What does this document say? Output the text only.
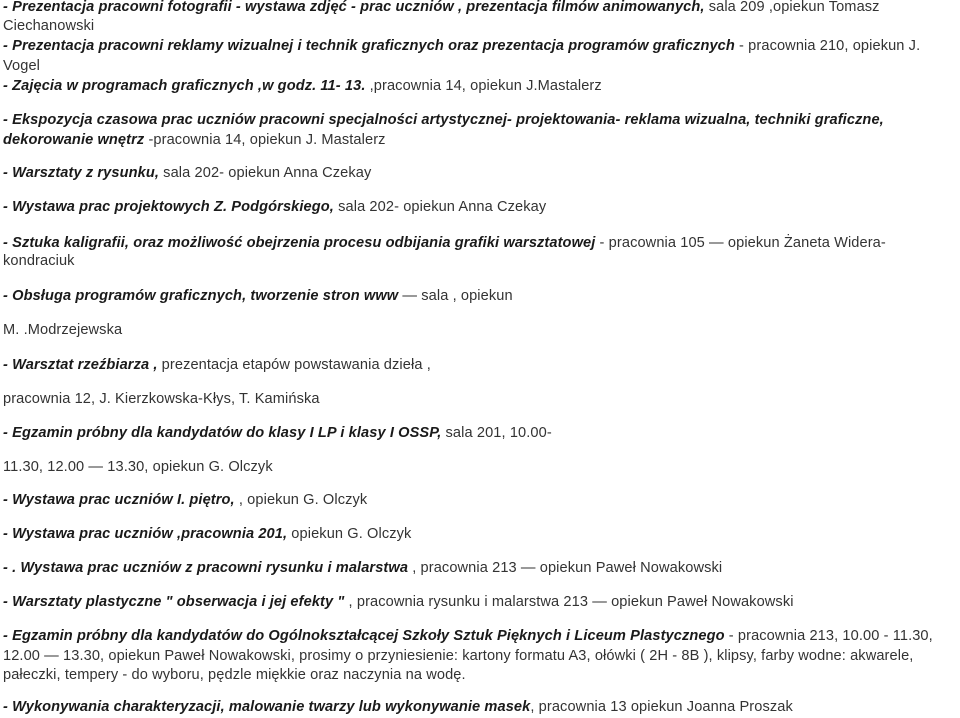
- Prezentacja pracowni fotografii - wystawa zdjęć - prac uczniów , prezentacja filmów animowanych, sala 209 ,opiekun Tomasz

Ciechanowski

- Prezentacja pracowni reklamy wizualnej i technik graficznych oraz prezentacja programów graficznych - pracownia 210, opiekun J.

Vogel

- Zajęcia w programach graficznych ,w godz. 11- 13. ,pracownia 14, opiekun J.Mastalerz

- Ekspozycja czasowa prac uczniów pracowni specjalności artystycznej- projektowania- reklama wizualna, techniki graficzne,

dekorowanie wnętrz -pracownia 14, opiekun J. Mastalerz

- Warsztaty z rysunku, sala 202- opiekun Anna Czekay

- Wystawa prac projektowych Z. Podgórskiego, sala 202- opiekun Anna Czekay

- Sztuka kaligrafii, oraz możliwość obejrzenia procesu odbijania grafiki warsztatowej - pracownia 105 — opiekun Żaneta Widera-

kondraciuk

- Obsługa programów graficznych, tworzenie stron www — sala , opiekun

M. .Modrzejewska

- Warsztat rzeźbiarza , prezentacja etapów powstawania dzieła ,

pracownia 12, J. Kierzkowska-Kłys, T. Kamińska

- Egzamin próbny dla kandydatów do klasy I LP i klasy I OSSP, sala 201, 10.00-

11.30, 12.00 — 13.30, opiekun G. Olczyk

- Wystawa prac uczniów I. piętro, , opiekun G. Olczyk

- Wystawa prac uczniów ,pracownia 201, opiekun G. Olczyk

- . Wystawa prac uczniów z pracowni rysunku i malarstwa , pracownia 213 — opiekun Paweł Nowakowski

- Warsztaty plastyczne " obserwacja i jej efekty " , pracownia rysunku i malarstwa 213 — opiekun Paweł Nowakowski

- Egzamin próbny dla kandydatów do Ogólnokształcącej Szkoły Sztuk Pięknych i Liceum Plastycznego - pracownia 213, 10.00 - 11.30,

12.00 — 13.30, opiekun Paweł Nowakowski, prosimy o przyniesienie: kartony formatu A3, ołówki ( 2H - 8B ), klipsy, farby wodne: akwarele,

pałeczki, tempery - do wyboru, pędzle miękkie oraz naczynia na wodę.

- Wykonywania charakteryzacji, malowanie twarzy lub wykonywanie masek, pracownia 13 opiekun Joanna Proszak
